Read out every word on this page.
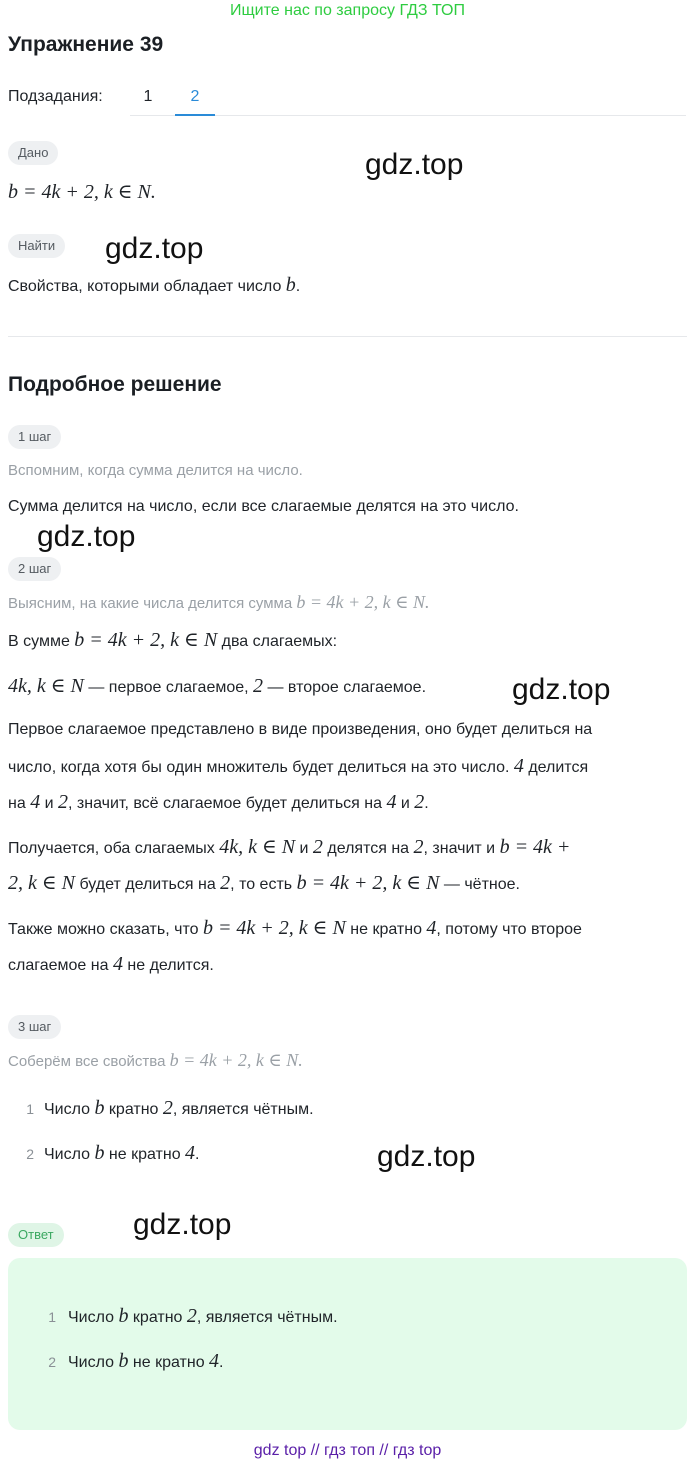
Ищите нас по запросу ГДЗ ТОП
Упражнение 39
Подзадания:	1	2
Дано
b = 4k + 2, k ∈ N.
Найти
Свойства, которыми обладает число b.
Подробное решение
1 шаг
Вспомним, когда сумма делится на число.
Сумма делится на число, если все слагаемые делятся на это число.
2 шаг
Выясним, на какие числа делится сумма b = 4k + 2, k ∈ N.
В сумме b = 4k + 2, k ∈ N два слагаемых:
4k, k ∈ N — первое слагаемое, 2 — второе слагаемое.
Первое слагаемое представлено в виде произведения, оно будет делиться на
число, когда хотя бы один множитель будет делиться на это число. 4 делится
на 4 и 2, значит, всё слагаемое будет делиться на 4 и 2.
Получается, оба слагаемых 4k, k ∈ N и 2 делятся на 2, значит и b = 4k +
2, k ∈ N будет делиться на 2, то есть b = 4k + 2, k ∈ N — чётное.
Также можно сказать, что b = 4k + 2, k ∈ N не кратно 4, потому что второе
слагаемое на 4 не делится.
3 шаг
Соберём все свойства b = 4k + 2, k ∈ N.
1 Число b кратно 2, является чётным.
2 Число b не кратно 4.
Ответ
1 Число b кратно 2, является чётным.
2 Число b не кратно 4.
gdz.top
gdz.top
gdz.top
gdz.top
gdz.top
gdz.top
gdz top // гдз топ // гдз top
